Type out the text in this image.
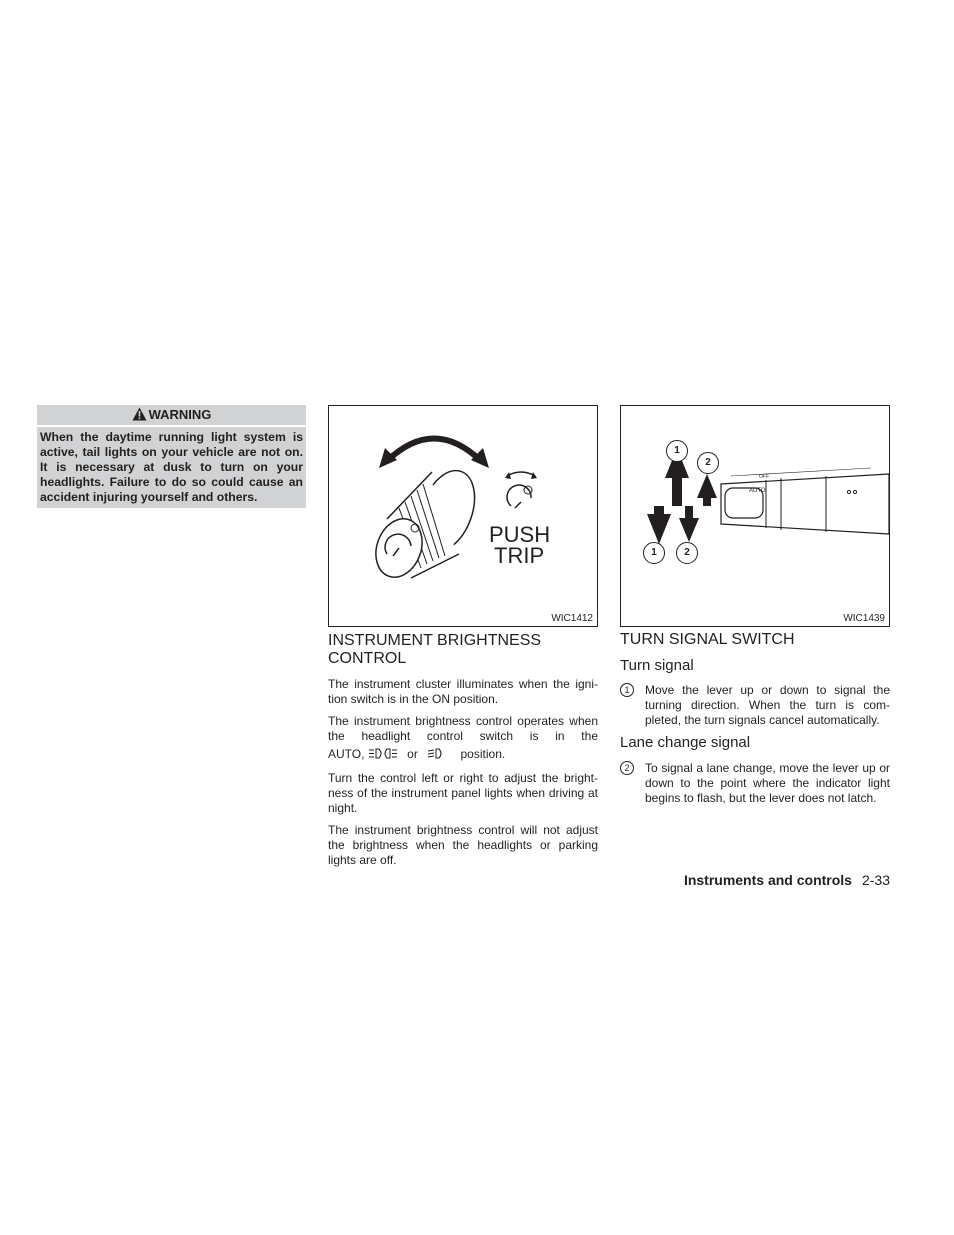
WARNING
When the daytime running light system is active, tail lights on your vehicle are not on. It is necessary at dusk to turn on your headlights. Failure to do so could cause an accident injuring yourself and others.
PUSH
TRIP
WIC1412
1
2
1	2
AUTO
OFF
WIC1439
INSTRUMENT BRIGHTNESS
CONTROL

The instrument cluster illuminates when the igni-tion switch is in the ON position.

The instrument brightness control operates when the headlight control switch is in the

AUTO,	or	position.

Turn the control left or right to adjust the bright-ness of the instrument panel lights when driving at night.

The instrument brightness control will not adjust the brightness when the headlights or parking lights are off.

TURN SIGNAL SWITCH
Turn signal
1	Move the lever up or down to signal the turning direction. When the turn is com-pleted, the turn signals cancel automatically.
Lane change signal
2	To signal a lane change, move the lever up or down to the point where the indicator light begins to flash, but the lever does not latch.
Instruments and controls 2-33
